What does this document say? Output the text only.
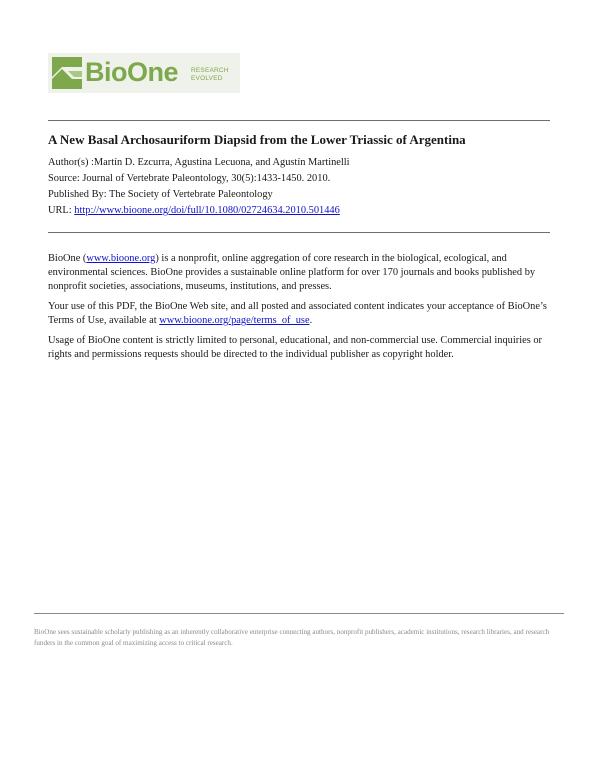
BioOne RESEARCH
EVOLVED
A New Basal Archosauriform Diapsid from the Lower Triassic of Argentina
Author(s) :Martín D. Ezcurra, Agustina Lecuona, and Agustín Martinelli
Source: Journal of Vertebrate Paleontology, 30(5):1433-1450. 2010.
Published By: The Society of Vertebrate Paleontology
URL: http://www.bioone.org/doi/full/10.1080/02724634.2010.501446

BioOne (www.bioone.org) is a nonprofit, online aggregation of core research in the biological, ecological, and environmental sciences. BioOne provides a sustainable online platform for over 170 journals and books published by nonprofit societies, associations, museums, institutions, and presses.

Your use of this PDF, the BioOne Web site, and all posted and associated content indicates your acceptance of BioOne’s Terms of Use, available at www.bioone.org/page/terms_of_use.

Usage of BioOne content is strictly limited to personal, educational, and non-commercial use. Commercial inquiries or rights and permissions requests should be directed to the individual publisher as copyright holder.

BioOne sees sustainable scholarly publishing as an inherently collaborative enterprise connecting authors, nonprofit publishers, academic institutions, research libraries, and research funders in the common goal of maximizing access to critical research.
